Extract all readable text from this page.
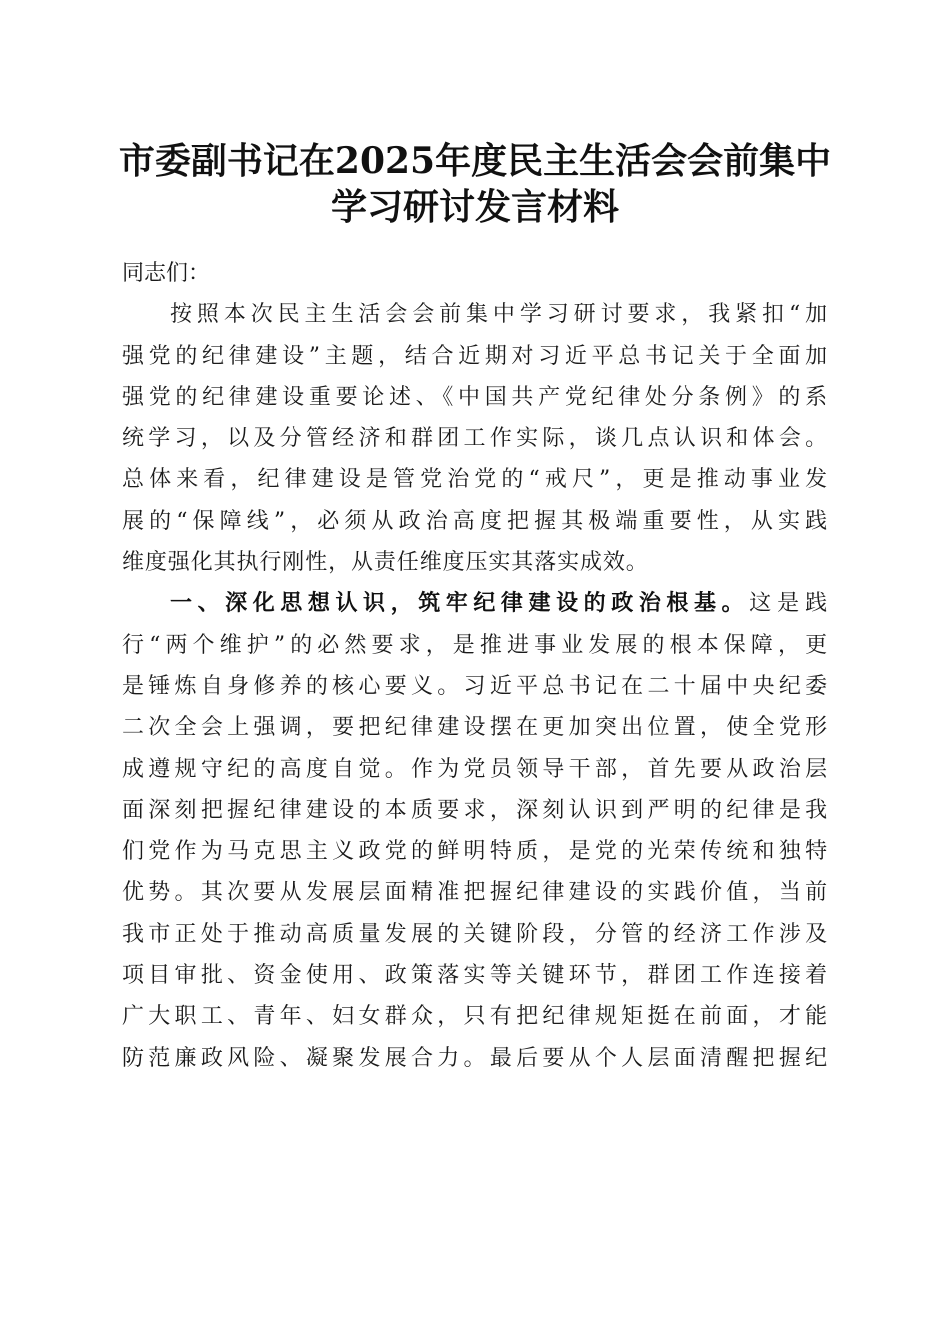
市委副书记在2025年度民主生活会会前集中
学习研讨发言材料
同志们：
按照本次民主生活会会前集中学习研讨要求，我紧扣“加
强党的纪律建设”主题，结合近期对习近平总书记关于全面加
强党的纪律建设重要论述、《中国共产党纪律处分条例》的系
统学习，以及分管经济和群团工作实际，谈几点认识和体会。
总体来看，纪律建设是管党治党的“戒尺”，更是推动事业发
展的“保障线”，必须从政治高度把握其极端重要性，从实践
维度强化其执行刚性，从责任维度压实其落实成效。
一、深化思想认识，筑牢纪律建设的政治根基。这是践
行“两个维护”的必然要求，是推进事业发展的根本保障，更
是锤炼自身修养的核心要义。习近平总书记在二十届中央纪委
二次全会上强调，要把纪律建设摆在更加突出位置，使全党形
成遵规守纪的高度自觉。作为党员领导干部，首先要从政治层
面深刻把握纪律建设的本质要求，深刻认识到严明的纪律是我
们党作为马克思主义政党的鲜明特质，是党的光荣传统和独特
优势。其次要从发展层面精准把握纪律建设的实践价值，当前
我市正处于推动高质量发展的关键阶段，分管的经济工作涉及
项目审批、资金使用、政策落实等关键环节，群团工作连接着
广大职工、青年、妇女群众，只有把纪律规矩挺在前面，才能
防范廉政风险、凝聚发展合力。最后要从个人层面清醒把握纪
